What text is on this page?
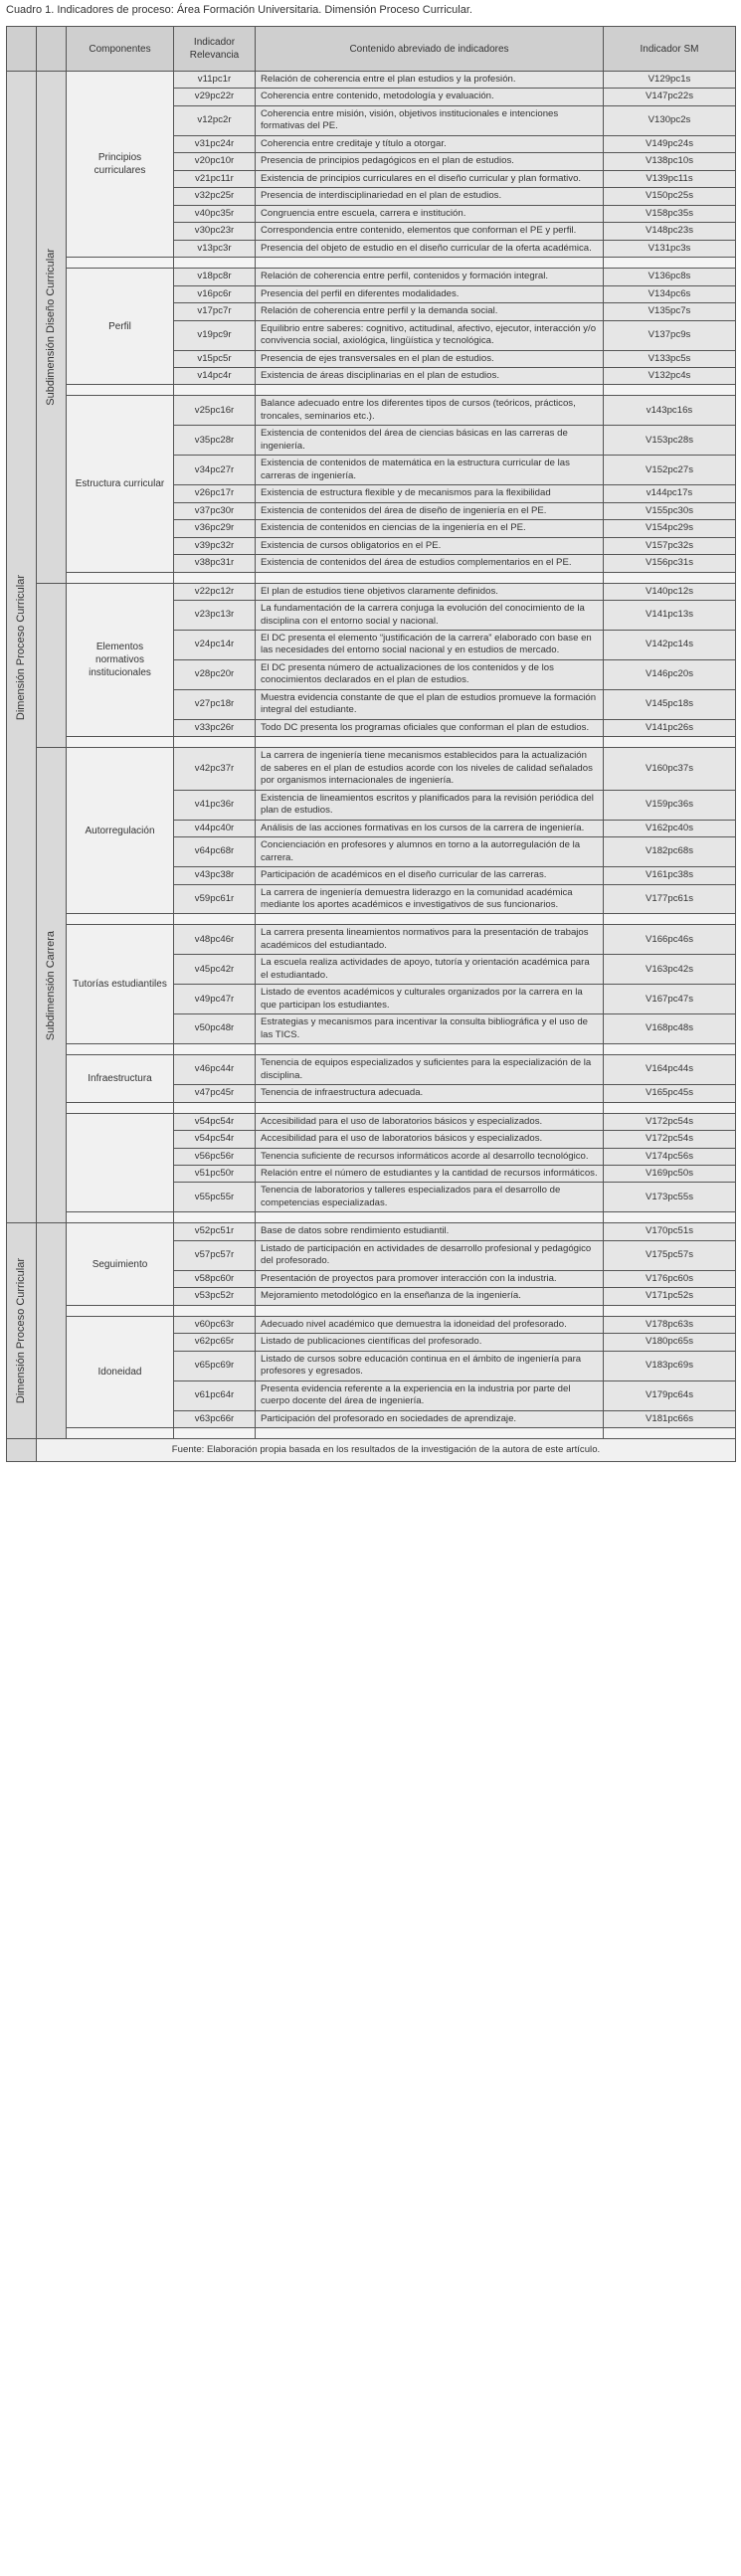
Cuadro 1. Indicadores de proceso: Área Formación Universitaria. Dimensión Proceso Curricular.
		Componentes	Indicador Relevancia	Contenido abreviado de indicadores	Indicador SM

Dimensión Proceso Curricular	Subdimensión Diseño Curricular	Principios curriculares	v11pc1r	Relación de coherencia entre el plan estudios y la profesión.	V129pc1s
			v29pc22r	Coherencia entre contenido, metodología y evaluación.	V147pc22s
			v12pc2r	Coherencia entre misión, visión, objetivos institucionales e intenciones formativas del PE.	V130pc2s
			v31pc24r	Coherencia entre creditaje y título a otorgar.	V149pc24s
			v20pc10r	Presencia de principios pedagógicos en el plan de estudios.	V138pc10s
			v21pc11r	Existencia de principios curriculares en el diseño curricular y plan formativo.	V139pc11s
			v32pc25r	Presencia de interdisciplinariedad en el plan de estudios.	V150pc25s
			v40pc35r	Congruencia entre escuela, carrera e institución.	V158pc35s
			v30pc23r	Correspondencia entre contenido, elementos que conforman el PE y perfil.	V148pc23s
			v13pc3r	Presencia del objeto de estudio en el diseño curricular de la oferta académica.	V131pc3s

		Perfil	v18pc8r	Relación de coherencia entre perfil, contenidos y formación integral.	V136pc8s
			v16pc6r	Presencia del perfil en diferentes modalidades.	V134pc6s
			v17pc7r	Relación de coherencia entre perfil y la demanda social.	V135pc7s
			v19pc9r	Equilibrio entre saberes: cognitivo, actitudinal, afectivo, ejecutor, interacción y/o convivencia social, axiológica, lingüística y tecnológica.	V137pc9s
			v15pc5r	Presencia de ejes transversales en el plan de estudios.	V133pc5s
			v14pc4r	Existencia de áreas disciplinarias en el plan de estudios.	V132pc4s

		Estructura curricular	v25pc16r	Balance adecuado entre los diferentes tipos de cursos (teóricos, prácticos, troncales, seminarios etc.).	v143pc16s
			v35pc28r	Existencia de contenidos del área de ciencias básicas en las carreras de ingeniería.	V153pc28s
			v34pc27r	Existencia de contenidos de matemática en la estructura curricular de las carreras de ingeniería.	V152pc27s
			v26pc17r	Existencia de estructura flexible y de mecanismos para la flexibilidad	v144pc17s
			v37pc30r	Existencia de contenidos del área de diseño de ingeniería en el PE.	V155pc30s
			v36pc29r	Existencia de contenidos en ciencias de la ingeniería en el PE.	V154pc29s
			v39pc32r	Existencia de cursos obligatorios en el PE.	V157pc32s
			v38pc31r	Existencia de contenidos del área de estudios complementarios en el PE.	V156pc31s

		Elementos normativos institucionales	v22pc12r	El plan de estudios tiene objetivos claramente definidos.	V140pc12s
			v23pc13r	La fundamentación de la carrera conjuga la evolución del conocimiento de la disciplina con el entorno social y nacional.	V141pc13s
			v24pc14r	El DC presenta el elemento “justificación de la carrera” elaborado con base en las necesidades del entorno social nacional y en estudios de mercado.	V142pc14s
			v28pc20r	El DC presenta número de actualizaciones de los contenidos y de los conocimientos declarados en el plan de estudios.	V146pc20s
			v27pc18r	Muestra evidencia constante de que el plan de estudios promueve la formación integral del estudiante.	V145pc18s
			v33pc26r	Todo DC presenta los programas oficiales que conforman el plan de estudios.	V141pc26s

	Subdimensión Carrera	Autorregulación	v42pc37r	La carrera de ingeniería tiene mecanismos establecidos para la actualización de saberes en el plan de estudios acorde con los niveles de calidad señalados por organismos internacionales de ingeniería.	V160pc37s
			v41pc36r	Existencia de lineamientos escritos y planificados para la revisión periódica del plan de estudios.	V159pc36s
			v44pc40r	Análisis de las acciones formativas en los cursos de la carrera de ingeniería.	V162pc40s
			v64pc68r	Concienciación en profesores y alumnos en torno a la autorregulación de la carrera.	V182pc68s
			v43pc38r	Participación de académicos en el diseño curricular de las carreras.	V161pc38s
			v59pc61r	La carrera de ingeniería demuestra liderazgo en la comunidad académica mediante los aportes académicos e investigativos de sus funcionarios.	V177pc61s

		Tutorías estudiantiles	v48pc46r	La carrera presenta lineamientos normativos para la presentación de trabajos académicos del estudiantado.	V166pc46s
			v45pc42r	La escuela realiza actividades de apoyo, tutoría y orientación académica para el estudiantado.	V163pc42s
			v49pc47r	Listado de eventos académicos y culturales organizados por la carrera en la que participan los estudiantes.	V167pc47s
			v50pc48r	Estrategias y mecanismos para incentivar la consulta bibliográfica y el uso de las TICS.	V168pc48s

		Infraestructura	v46pc44r	Tenencia de equipos especializados y suficientes para la especialización de la disciplina.	V164pc44s
			v47pc45r	Tenencia de infraestructura adecuada.	V165pc45s

			v54pc54r	Accesibilidad para el uso de laboratorios básicos y especializados.	V172pc54s
			v54pc54r	Accesibilidad para el uso de laboratorios básicos y especializados.	V172pc54s
			v56pc56r	Tenencia suficiente de recursos informáticos acorde al desarrollo tecnológico.	V174pc56s
			v51pc50r	Relación entre el número de estudiantes y la cantidad de recursos informáticos.	V169pc50s
			v55pc55r	Tenencia de laboratorios y talleres especializados para el desarrollo de competencias especializadas.	V173pc55s

Dimensión Proceso Curricular		Seguimiento	v52pc51r	Base de datos sobre rendimiento estudiantil.	V170pc51s
			v57pc57r	Listado de participación en actividades de desarrollo profesional y pedagógico del profesorado.	V175pc57s
			v58pc60r	Presentación de proyectos para promover interacción con la industria.	V176pc60s
			v53pc52r	Mejoramiento metodológico en la enseñanza de la ingeniería.	V171pc52s

		Idoneidad	v60pc63r	Adecuado nivel académico que demuestra la idoneidad del profesorado.	V178pc63s
			v62pc65r	Listado de publicaciones científicas del profesorado.	V180pc65s
			v65pc69r	Listado de cursos sobre educación continua en el ámbito de ingeniería para profesores y egresados.	V183pc69s
			v61pc64r	Presenta evidencia referente a la experiencia en la industria por parte del cuerpo docente del área de ingeniería.	V179pc64s
			v63pc66r	Participación del profesorado en sociedades de aprendizaje.	V181pc66s

	Fuente: Elaboración propia basada en los resultados de la investigación de la autora de este artículo.				
